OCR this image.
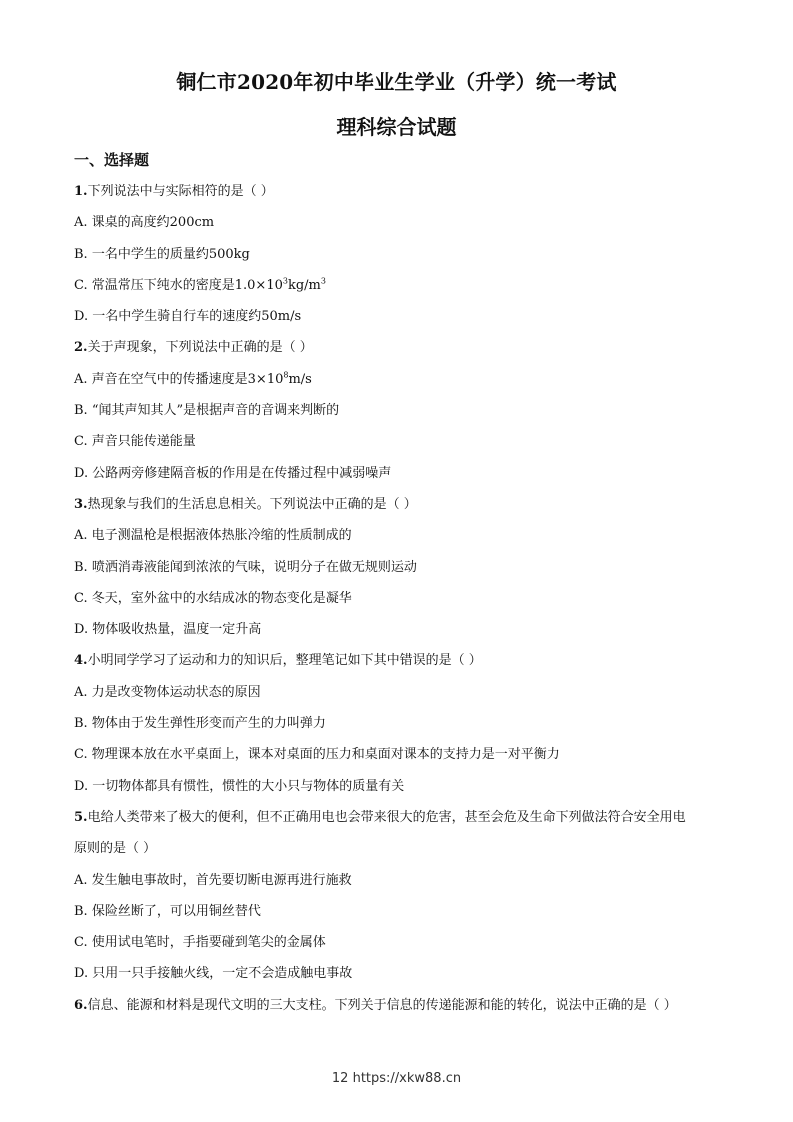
铜仁市2020年初中毕业生学业（升学）统一考试
理科综合试题
一、选择题
1.下列说法中与实际相符的是（ ）
A. 课桌的高度约200cm
B. 一名中学生的质量约500kg
C. 常温常压下纯水的密度是$1.0\times 10^3kg/m^3$
D. 一名中学生骑自行车的速度约50m/s
2.关于声现象，下列说法中正确的是（ ）
A. 声音在空气中的传播速度是$3\times 10^8m/s$
B. “闻其声知其人”是根据声音的音调来判断的
C. 声音只能传递能量
D. 公路两旁修建隔音板的作用是在传播过程中减弱噪声
3.热现象与我们的生活息息相关。下列说法中正确的是（ ）
A. 电子测温枪是根据液体热胀冷缩的性质制成的
B. 喷洒消毒液能闻到浓浓的气味，说明分子在做无规则运动
C. 冬天，室外盆中的水结成冰的物态变化是凝华
D. 物体吸收热量，温度一定升高
4.小明同学学习了运动和力的知识后，整理笔记如下其中错误的是（ ）
A. 力是改变物体运动状态的原因
B. 物体由于发生弹性形变而产生的力叫弹力
C. 物理课本放在水平桌面上，课本对桌面的压力和桌面对课本的支持力是一对平衡力
D. 一切物体都具有惯性，惯性的大小只与物体的质量有关
5.电给人类带来了极大的便利，但不正确用电也会带来很大的危害，甚至会危及生命下列做法符合安全用电
原则的是（ ）
A. 发生触电事故时，首先要切断电源再进行施救
B. 保险丝断了，可以用铜丝替代
C. 使用试电笔时，手指要碰到笔尖的金属体
D. 只用一只手接触火线，一定不会造成触电事故
6.信息、能源和材料是现代文明的三大支柱。下列关于信息的传递能源和能的转化，说法中正确的是（ ）
12 https://xkw88.cn
